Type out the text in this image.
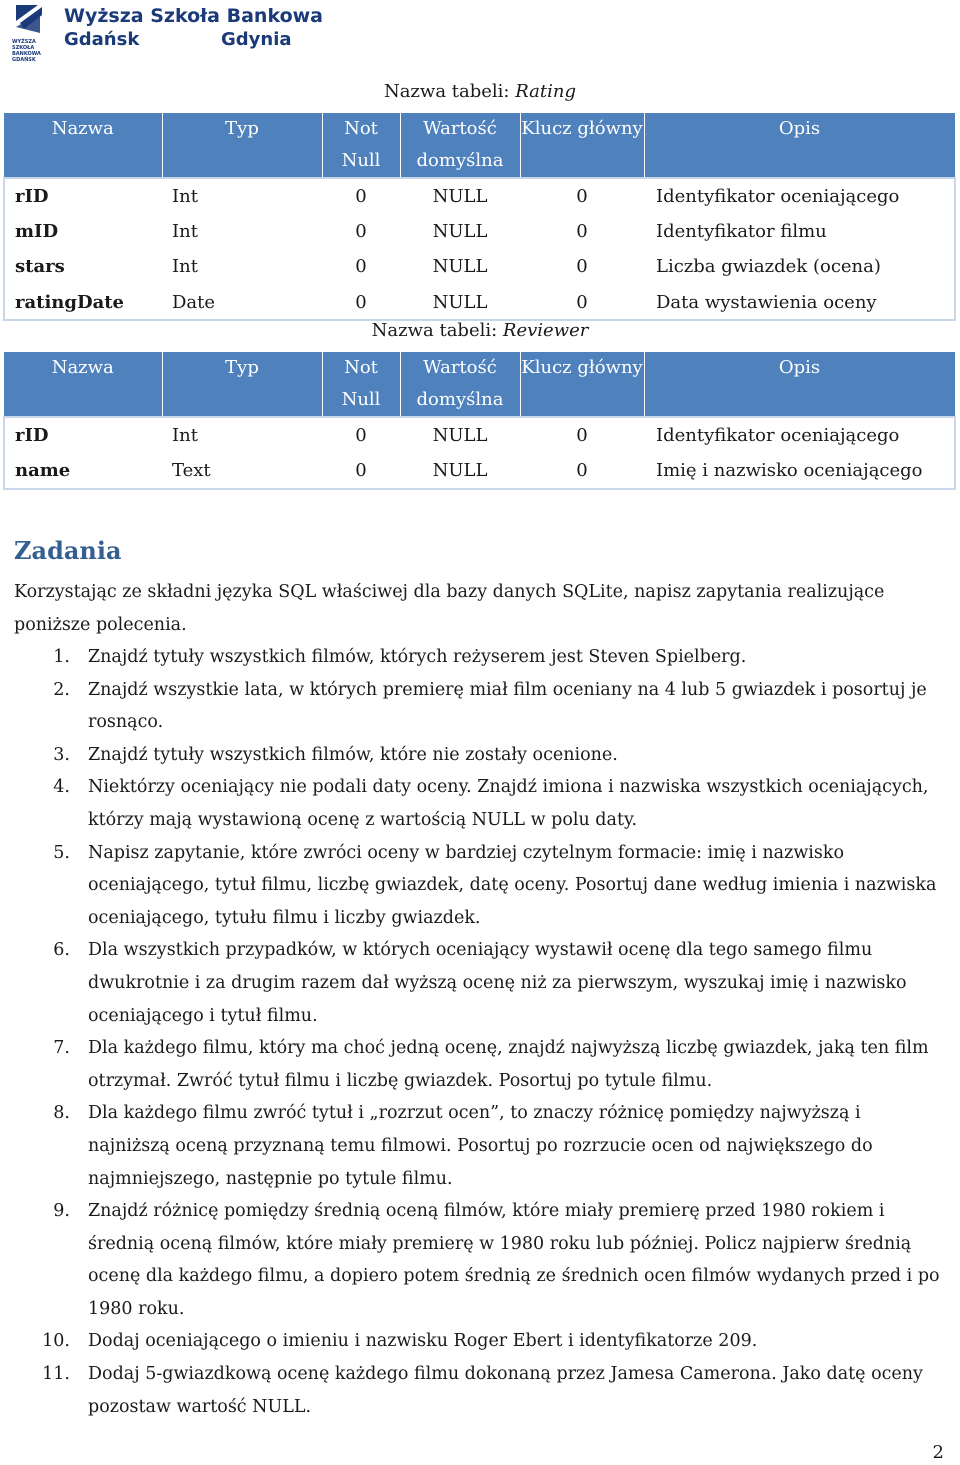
WYŻSZA SZKOŁA BANKOWA GDAŃSK
Wyższa Szkoła Bankowa
Gdańsk	Gdynia
Nazwa tabeli: Rating
Nazwa	Typ	Not Null	Wartość domyślna	Klucz główny	Opis
rID	Int	0	NULL	0	Identyfikator oceniającego
mID	Int	0	NULL	0	Identyfikator filmu
stars	Int	0	NULL	0	Liczba gwiazdek (ocena)
ratingDate	Date	0	NULL	0	Data wystawienia oceny
Nazwa tabeli: Reviewer
Nazwa	Typ	Not Null	Wartość domyślna	Klucz główny	Opis
rID	Int	0	NULL	0	Identyfikator oceniającego
name	Text	0	NULL	0	Imię i nazwisko oceniającego
Zadania

Korzystając ze składni języka SQL właściwej dla bazy danych SQLite, napisz zapytania realizujące poniższe polecenia.

1. Znajdź tytuły wszystkich filmów, których reżyserem jest Steven Spielberg.
2. Znajdź wszystkie lata, w których premierę miał film oceniany na 4 lub 5 gwiazdek i posortuj je rosnąco.
3. Znajdź tytuły wszystkich filmów, które nie zostały ocenione.
4. Niektórzy oceniający nie podali daty oceny. Znajdź imiona i nazwiska wszystkich oceniających, którzy mają wystawioną ocenę z wartością NULL w polu daty.
5. Napisz zapytanie, które zwróci oceny w bardziej czytelnym formacie: imię i nazwisko oceniającego, tytuł filmu, liczbę gwiazdek, datę oceny. Posortuj dane według imienia i nazwiska oceniającego, tytułu filmu i liczby gwiazdek.
6. Dla wszystkich przypadków, w których oceniający wystawił ocenę dla tego samego filmu dwukrotnie i za drugim razem dał wyższą ocenę niż za pierwszym, wyszukaj imię i nazwisko oceniającego i tytuł filmu.
7. Dla każdego filmu, który ma choć jedną ocenę, znajdź najwyższą liczbę gwiazdek, jaką ten film otrzymał. Zwróć tytuł filmu i liczbę gwiazdek. Posortuj po tytule filmu.
8. Dla każdego filmu zwróć tytuł i „rozrzut ocen”, to znaczy różnicę pomiędzy najwyższą i najniższą oceną przyznaną temu filmowi. Posortuj po rozrzucie ocen od największego do najmniejszego, następnie po tytule filmu.
9. Znajdź różnicę pomiędzy średnią oceną filmów, które miały premierę przed 1980 rokiem i średnią oceną filmów, które miały premierę w 1980 roku lub później. Policz najpierw średnią ocenę dla każdego filmu, a dopiero potem średnią ze średnich ocen filmów wydanych przed i po 1980 roku.
10. Dodaj oceniającego o imieniu i nazwisku Roger Ebert i identyfikatorze 209.
11. Dodaj 5-gwiazdkową ocenę każdego filmu dokonaną przez Jamesa Camerona. Jako datę oceny pozostaw wartość NULL.
2
